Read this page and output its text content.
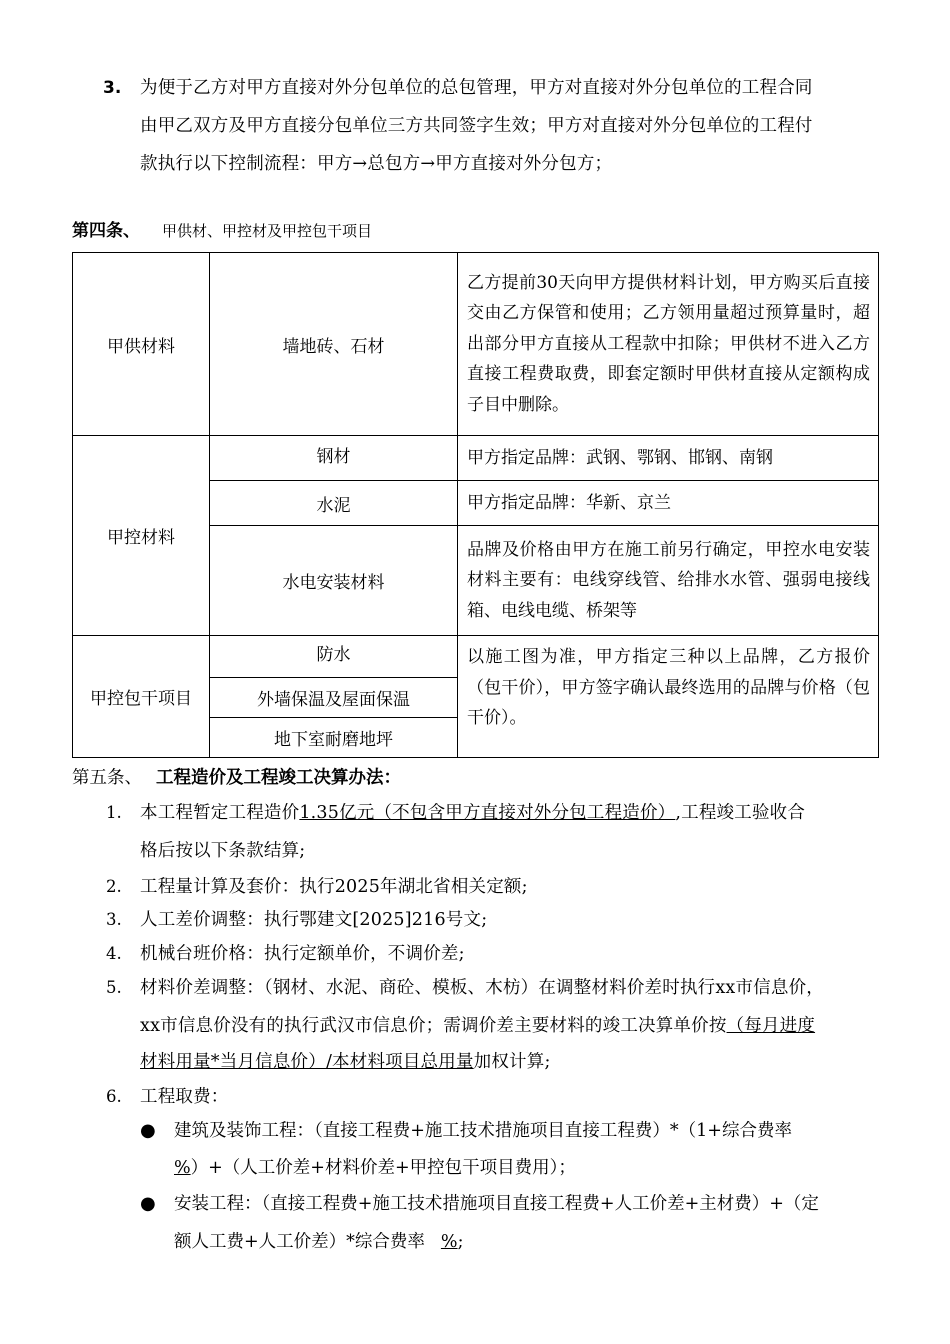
3. 为便于乙方对甲方直接对外分包单位的总包管理，甲方对直接对外分包单位的工程合同
由甲乙双方及甲方直接分包单位三方共同签字生效；甲方对直接对外分包单位的工程付
款执行以下控制流程：甲方→总包方→甲方直接对外分包方；
第四条、 甲供材、甲控材及甲控包干项目
甲供材料	墙地砖、石材	乙方提前30天向甲方提供材料计划，甲方购买后直接交由乙方保管和使用；乙方领用量超过预算量时，超出部分甲方直接从工程款中扣除；甲供材不进入乙方直接工程费取费，即套定额时甲供材直接从定额构成子目中删除。
甲控材料	钢材	甲方指定品牌：武钢、鄂钢、邯钢、南钢
	水泥	甲方指定品牌：华新、京兰
	水电安装材料	品牌及价格由甲方在施工前另行确定，甲控水电安装材料主要有：电线穿线管、给排水水管、强弱电接线箱、电线电缆、桥架等
甲控包干项目	防水	以施工图为准，甲方指定三种以上品牌，乙方报价（包干价），甲方签字确认最终选用的品牌与价格（包干价）。
	外墙保温及屋面保温	
	地下室耐磨地坪	
第五条、 工程造价及工程竣工决算办法：
1. 本工程暂定工程造价1.35亿元（不包含甲方直接对外分包工程造价）,工程竣工验收合
格后按以下条款结算;
2. 工程量计算及套价：执行2025年湖北省相关定额;
3. 人工差价调整：执行鄂建文[2025]216号文;
4. 机械台班价格：执行定额单价，不调价差;
5. 材料价差调整：（钢材、水泥、商砼、模板、木枋）在调整材料价差时执行xx市信息价，
xx市信息价没有的执行武汉市信息价；需调价差主要材料的竣工决算单价按（每月进度
材料用量*当月信息价）/本材料项目总用量加权计算;
6. 工程取费：
● 建筑及装饰工程：（直接工程费+施工技术措施项目直接工程费）*（1+综合费率
%）+（人工价差+材料价差+甲控包干项目费用）；
● 安装工程：（直接工程费+施工技术措施项目直接工程费+人工价差+主材费）+（定
额人工费+人工价差）*综合费率 %;
